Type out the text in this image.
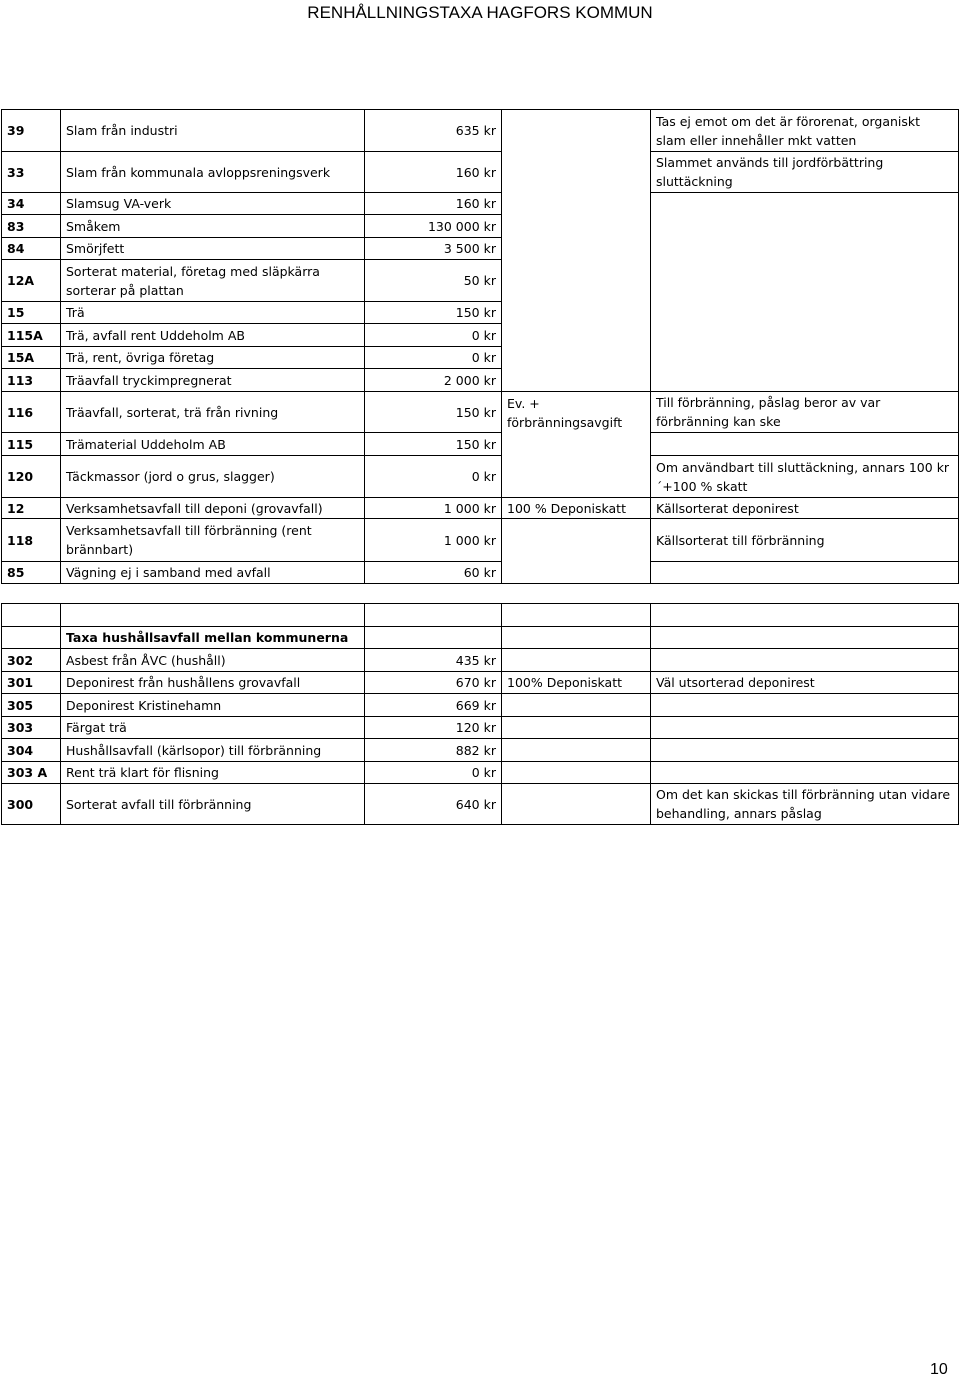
RENHÅLLNINGSTAXA HAGFORS KOMMUN
39	Slam från industri	635 kr		Tas ej emot om det är förorenat, organiskt slam eller innehåller mkt vatten
33	Slam från kommunala avloppsreningsverk	160 kr		Slammet används till jordförbättring sluttäckning
34	Slamsug VA-verk	160 kr		
83	Småkem	130 000 kr		
84	Smörjfett	3 500 kr		
12A	Sorterat material, företag med släpkärra sorterar på plattan	50 kr		
15	Trä	150 kr		
115A	Trä, avfall rent Uddeholm AB	0 kr		
15A	Trä, rent, övriga företag	0 kr		
113	Träavfall tryckimpregnerat	2 000 kr		
116	Träavfall, sorterat, trä från rivning	150 kr	Ev. + förbränningsavgift	Till förbränning, påslag beror av var förbränning kan ske
115	Trämaterial Uddeholm AB	150 kr		
120	Täckmassor (jord o grus, slagger)	0 kr		Om användbart till sluttäckning, annars 100 kr ´+100 % skatt
12	Verksamhetsavfall till deponi (grovavfall)	1 000 kr	100 % Deponiskatt	Källsorterat deponirest
118	Verksamhetsavfall till förbränning (rent brännbart)	1 000 kr		Källsorterat till förbränning
85	Vägning ej i samband med avfall	60 kr		

	Taxa hushållsavfall mellan kommunerna			
302	Asbest från ÅVC (hushåll)	435 kr		
301	Deponirest från hushållens grovavfall	670 kr	100% Deponiskatt	Väl utsorterad deponirest
305	Deponirest Kristinehamn	669 kr		
303	Färgat trä	120 kr		
304	Hushållsavfall (kärlsopor) till förbränning	882 kr		
303 A	Rent trä klart för flisning	0 kr		
300	Sorterat avfall till förbränning	640 kr		Om det kan skickas till förbränning utan vidare behandling, annars påslag
10
